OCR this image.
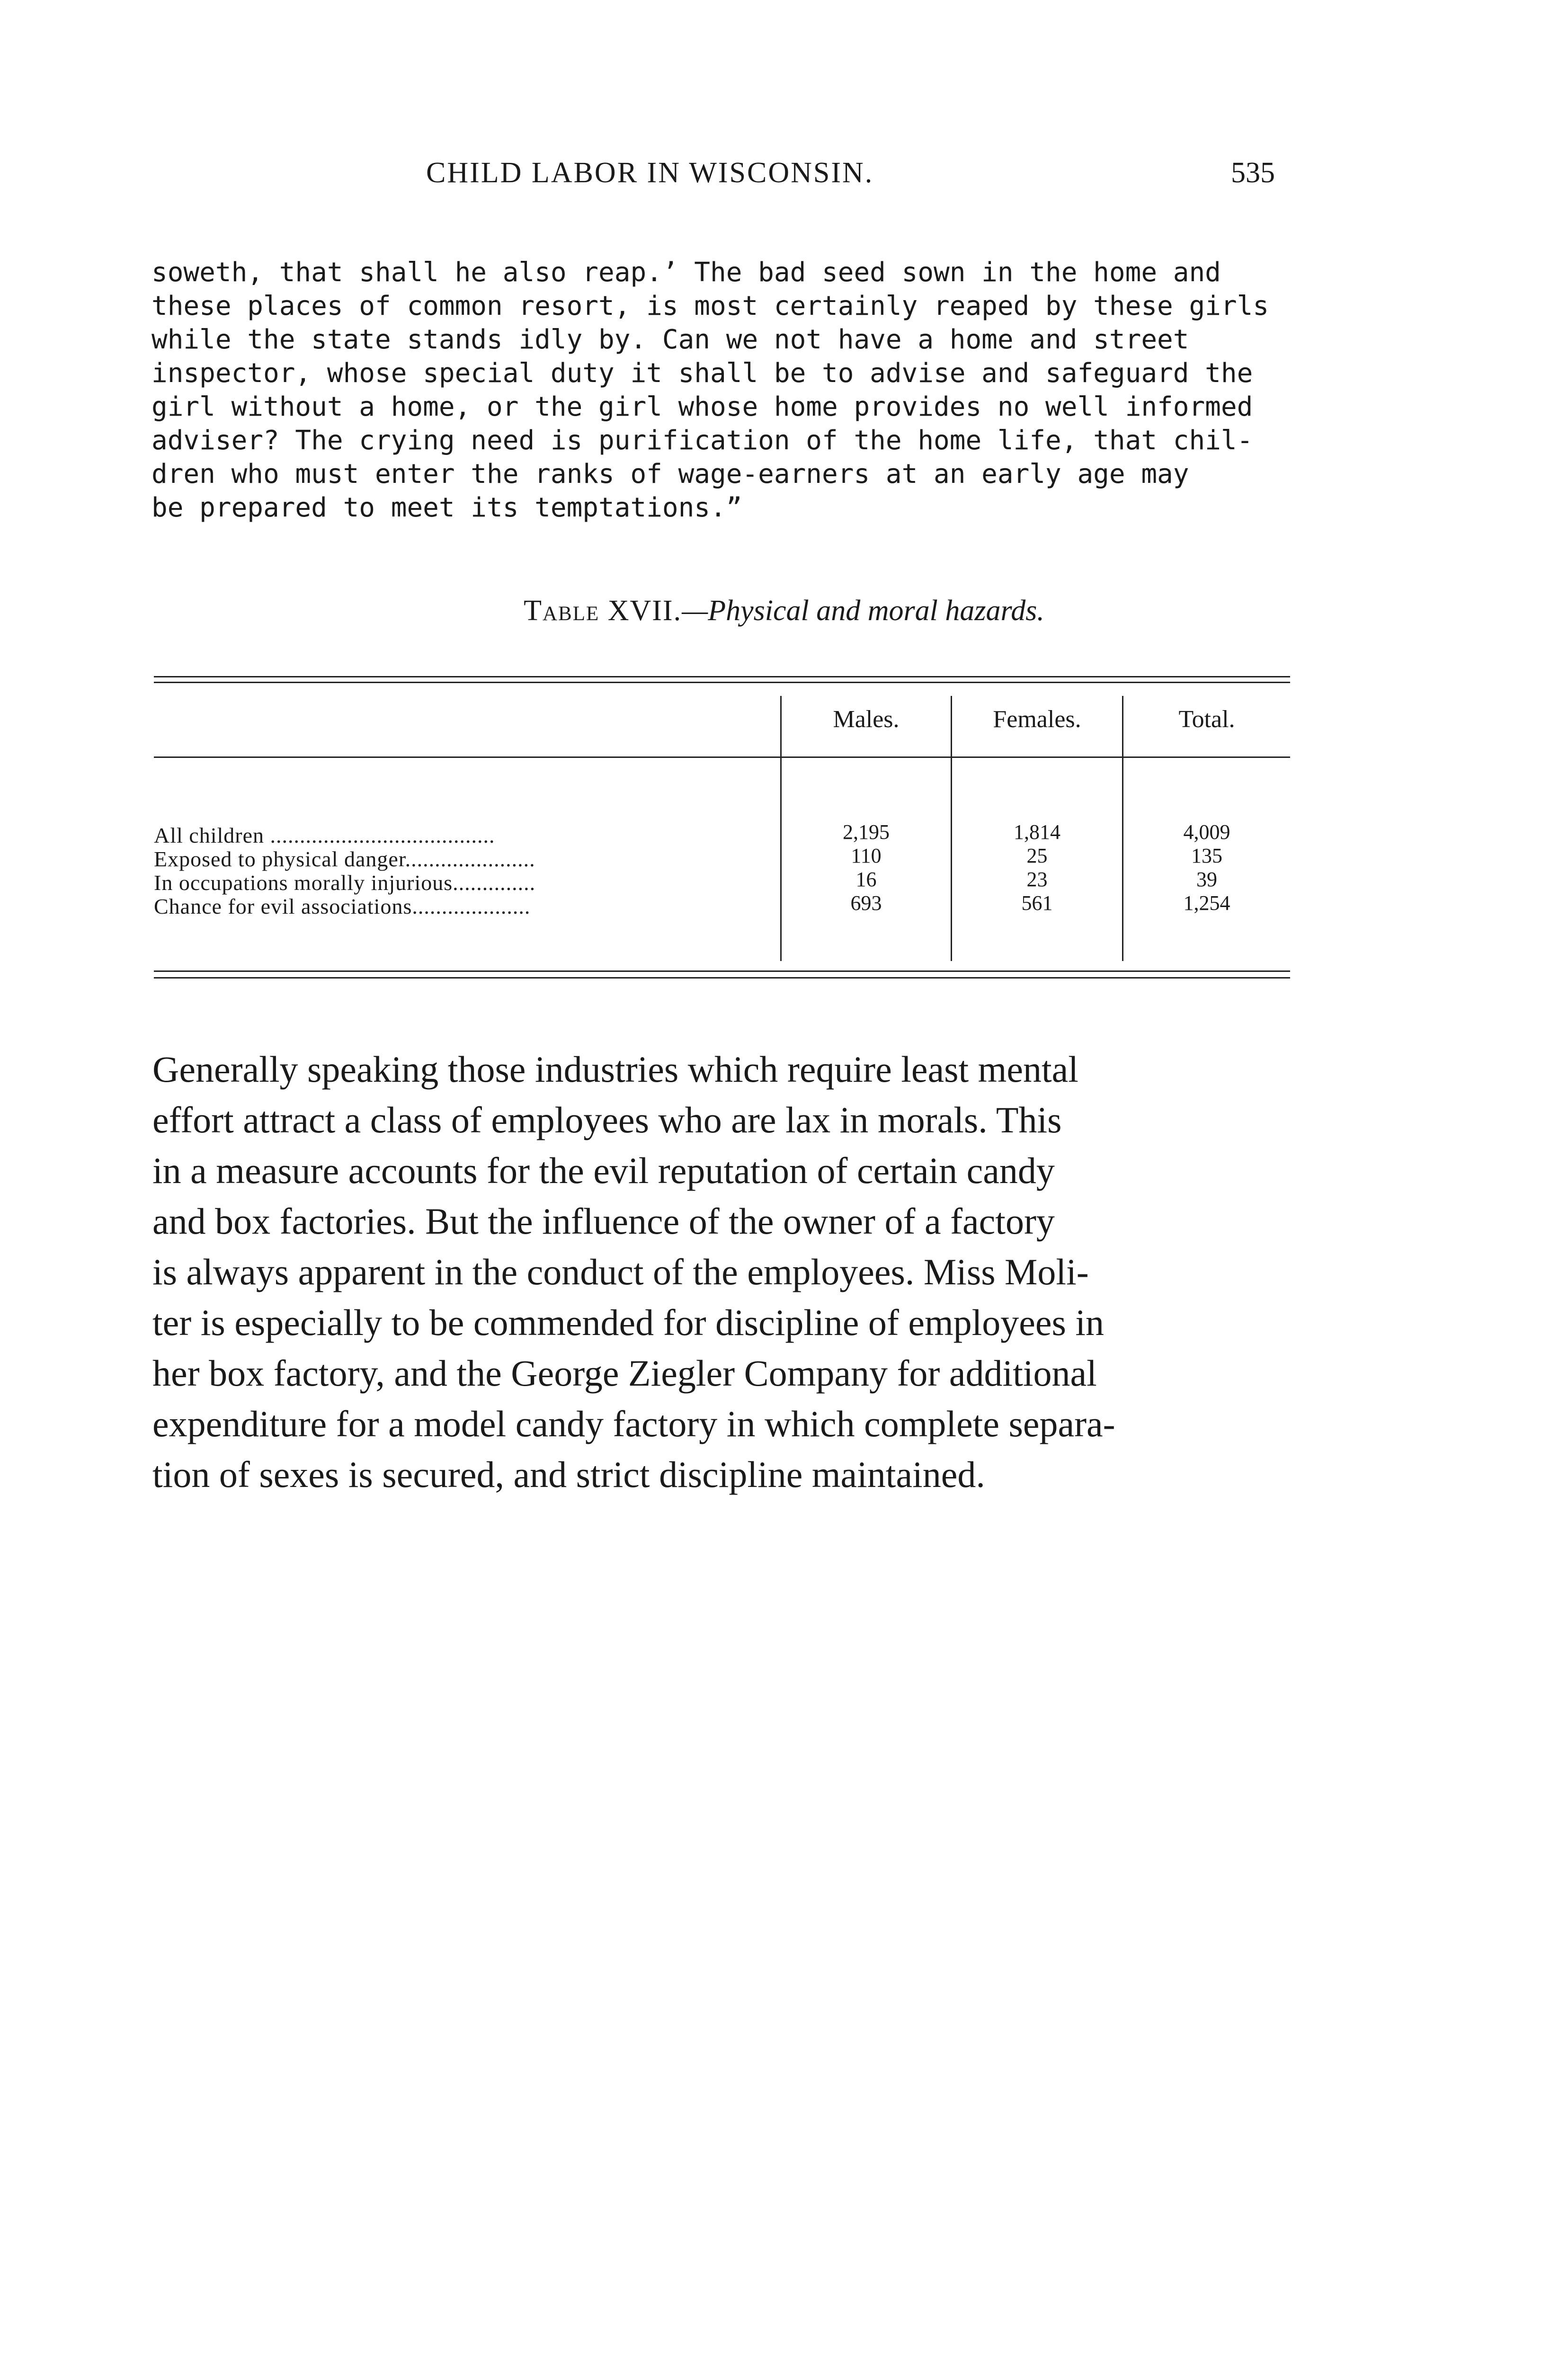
CHILD LABOR IN WISCONSIN.	535
soweth, that shall he also reap.’ The bad seed sown in the home and
these places of common resort, is most certainly reaped by these girls
while the state stands idly by. Can we not have a home and street
inspector, whose special duty it shall be to advise and safeguard the
girl without a home, or the girl whose home provides no well informed
adviser? The crying need is purification of the home life, that chil-
dren who must enter the ranks of wage-earners at an early age may
be prepared to meet its temptations.”
Table XVII.—Physical and moral hazards.
Males.	Females.	Total.
All children ......................................	2,195	1,814	4,009
Exposed to physical danger......................	110	25	135
In occupations morally injurious..............	16	23	39
Chance for evil associations....................	693	561	1,254
Generally speaking those industries which require least mental
effort attract a class of employees who are lax in morals. This
in a measure accounts for the evil reputation of certain candy
and box factories. But the influence of the owner of a factory
is always apparent in the conduct of the employees. Miss Moli-
ter is especially to be commended for discipline of employees in
her box factory, and the George Ziegler Company for additional
expenditure for a model candy factory in which complete separa-
tion of sexes is secured, and strict discipline maintained.
